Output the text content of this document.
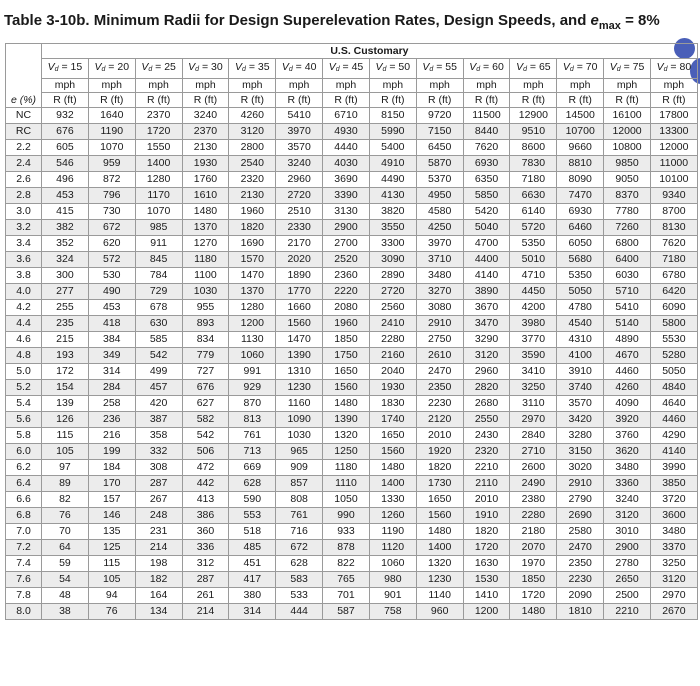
Table 3-10b. Minimum Radii for Design Superelevation Rates, Design Speeds, and $e_{max} = 8\%$
	U.S. Customary													
	Vd = 15	Vd = 20	Vd = 25	Vd = 30	Vd = 35	Vd = 40	Vd = 45	Vd = 50	Vd = 55	Vd = 60	Vd = 65	Vd = 70	Vd = 75	Vd = 80
	mph	mph	mph	mph	mph	mph	mph	mph	mph	mph	mph	mph	mph	mph
e (%)	R (ft)	R (ft)	R (ft)	R (ft)	R (ft)	R (ft)	R (ft)	R (ft)	R (ft)	R (ft)	R (ft)	R (ft)	R (ft)	R (ft)
NC	932	1640	2370	3240	4260	5410	6710	8150	9720	11500	12900	14500	16100	17800
RC	676	1190	1720	2370	3120	3970	4930	5990	7150	8440	9510	10700	12000	13300
2.2	605	1070	1550	2130	2800	3570	4440	5400	6450	7620	8600	9660	10800	12000
2.4	546	959	1400	1930	2540	3240	4030	4910	5870	6930	7830	8810	9850	11000
2.6	496	872	1280	1760	2320	2960	3690	4490	5370	6350	7180	8090	9050	10100
2.8	453	796	1170	1610	2130	2720	3390	4130	4950	5850	6630	7470	8370	9340
3.0	415	730	1070	1480	1960	2510	3130	3820	4580	5420	6140	6930	7780	8700
3.2	382	672	985	1370	1820	2330	2900	3550	4250	5040	5720	6460	7260	8130
3.4	352	620	911	1270	1690	2170	2700	3300	3970	4700	5350	6050	6800	7620
3.6	324	572	845	1180	1570	2020	2520	3090	3710	4400	5010	5680	6400	7180
3.8	300	530	784	1100	1470	1890	2360	2890	3480	4140	4710	5350	6030	6780
4.0	277	490	729	1030	1370	1770	2220	2720	3270	3890	4450	5050	5710	6420
4.2	255	453	678	955	1280	1660	2080	2560	3080	3670	4200	4780	5410	6090
4.4	235	418	630	893	1200	1560	1960	2410	2910	3470	3980	4540	5140	5800
4.6	215	384	585	834	1130	1470	1850	2280	2750	3290	3770	4310	4890	5530
4.8	193	349	542	779	1060	1390	1750	2160	2610	3120	3590	4100	4670	5280
5.0	172	314	499	727	991	1310	1650	2040	2470	2960	3410	3910	4460	5050
5.2	154	284	457	676	929	1230	1560	1930	2350	2820	3250	3740	4260	4840
5.4	139	258	420	627	870	1160	1480	1830	2230	2680	3110	3570	4090	4640
5.6	126	236	387	582	813	1090	1390	1740	2120	2550	2970	3420	3920	4460
5.8	115	216	358	542	761	1030	1320	1650	2010	2430	2840	3280	3760	4290
6.0	105	199	332	506	713	965	1250	1560	1920	2320	2710	3150	3620	4140
6.2	97	184	308	472	669	909	1180	1480	1820	2210	2600	3020	3480	3990
6.4	89	170	287	442	628	857	1110	1400	1730	2110	2490	2910	3360	3850
6.6	82	157	267	413	590	808	1050	1330	1650	2010	2380	2790	3240	3720
6.8	76	146	248	386	553	761	990	1260	1560	1910	2280	2690	3120	3600
7.0	70	135	231	360	518	716	933	1190	1480	1820	2180	2580	3010	3480
7.2	64	125	214	336	485	672	878	1120	1400	1720	2070	2470	2900	3370
7.4	59	115	198	312	451	628	822	1060	1320	1630	1970	2350	2780	3250
7.6	54	105	182	287	417	583	765	980	1230	1530	1850	2230	2650	3120
7.8	48	94	164	261	380	533	701	901	1140	1410	1720	2090	2500	2970
8.0	38	76	134	214	314	444	587	758	960	1200	1480	1810	2210	2670
